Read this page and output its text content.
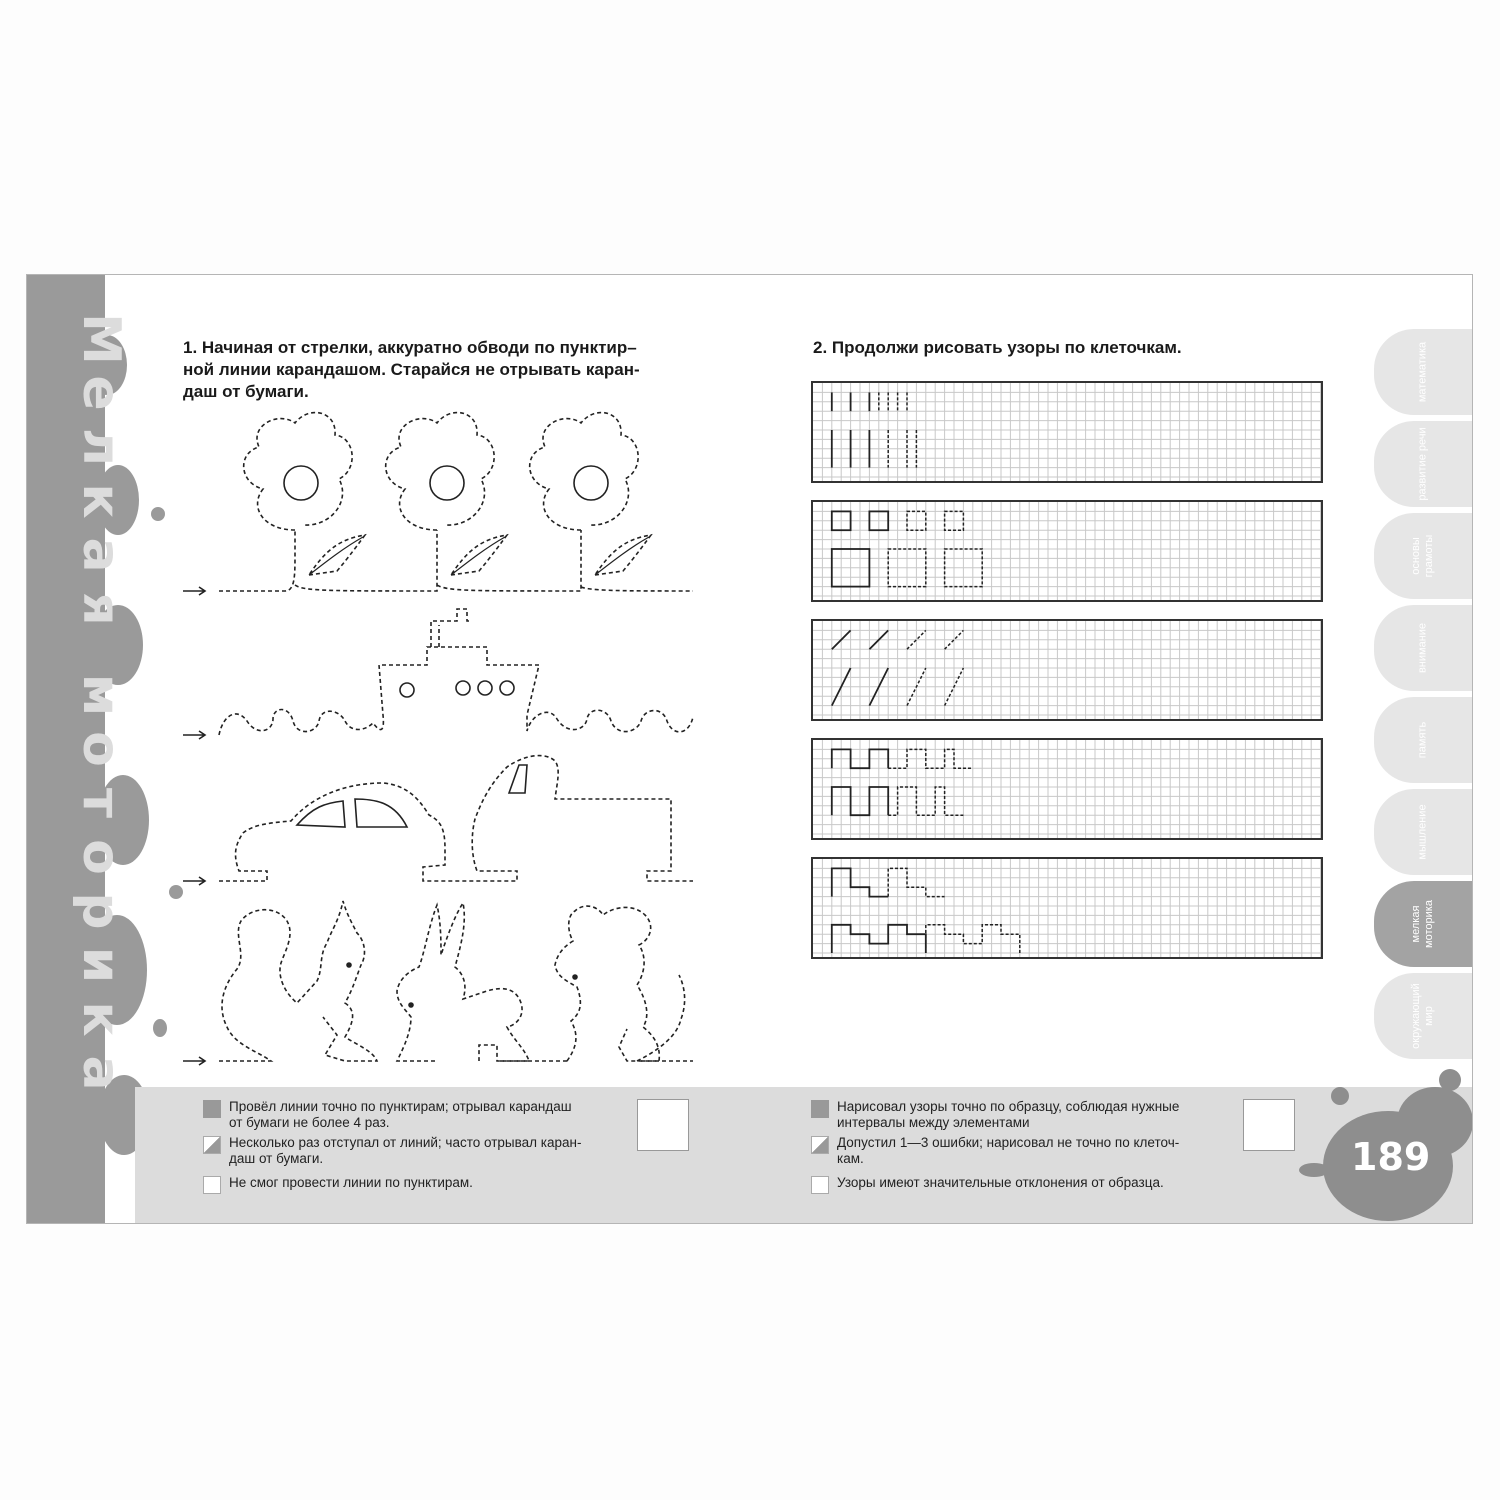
М
е
л
к
а
я
м
о
т
о
р
и
к
а
1. Начиная от стрелки, аккуратно обводи по пунктир–
ной линии карандашом. Старайся не отрывать каран-
даш от бумаги.
2. Продолжи рисовать узоры по клеточкам.	математика
развитие речи
основы грамоты
внимание
память
мышление
мелкая моторика
окружающий мир
Провёл линии точно по пунктирам; отрывал карандаш
от бумаги не более 4 раз.
Несколько раз отступал от линий; часто отрывал каран-
даш от бумаги.
Не смог провести линии по пунктирам.
Нарисовал узоры точно по образцу, соблюдая нужные
интервалы между элементами
Допустил 1—3 ошибки; нарисовал не точно по клеточ-
кам.
Узоры имеют значительные отклонения от образца.
189
